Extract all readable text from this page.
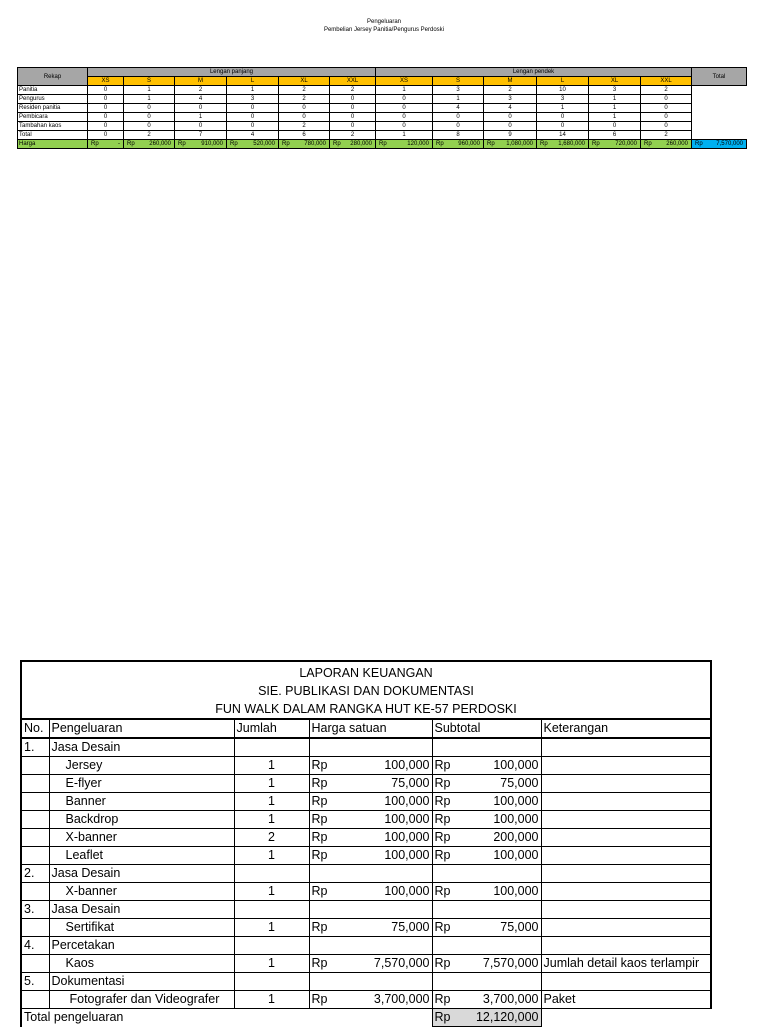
Pengeluaran
Pembelian Jersey Panitia/Pengurus Perdoski
Rekap	Lengan panjang						Lengan pendek						Total
	XS	S	M	L	XL	XXL	XS	S	M	L	XL	XXL	
Panitia	0	1	2	1	2	2	1	3	2	10	3	2	
Pengurus	0	1	4	3	2	0	0	1	3	3	1	0	
Residen panitia	0	0	0	0	0	0	0	4	4	1	1	0	
Pembicara	0	0	1	0	0	0	0	0	0	0	1	0	
Tambahan kaos	0	0	0	0	2	0	0	0	0	0	0	0	
Total	0	2	7	4	6	2	1	8	9	14	6	2	
Harga	Rp -	Rp 260,000	Rp 910,000	Rp 520,000	Rp 780,000	Rp 280,000	Rp 120,000	Rp 960,000	Rp 1,080,000	Rp 1,680,000	Rp 720,000	Rp 260,000	Rp 7,570,000
LAPORAN KEUANGAN
SIE. PUBLIKASI DAN DOKUMENTASI
FUN WALK DALAM RANGKA HUT KE-57 PERDOSKI					

No.	Pengeluaran	Jumlah	Harga satuan	Subtotal	Keterangan
1.	Jasa Desain				
	Jersey	1	Rp 100,000	Rp 100,000	

	E-flyer	1	Rp 75,000	Rp 75,000	

	Banner	1	Rp 100,000	Rp 100,000	

	Backdrop	1	Rp 100,000	Rp 100,000	

	X-banner	2	Rp 100,000	Rp 200,000	

	Leaflet	1	Rp 100,000	Rp 100,000	

2.	Jasa Desain				
	X-banner	1	Rp 100,000	Rp 100,000	

3.	Jasa Desain				
	Sertifikat	1	Rp 75,000	Rp 75,000	

4.	Percetakan				
	Kaos	1	Rp 7,570,000	Rp 7,570,000	Jumlah detail kaos terlampir
5.	Dokumentasi				
	Fotografer dan Videografer	1	Rp 3,700,000	Rp 3,700,000	Paket
Total pengeluaran				Rp 12,120,000	
